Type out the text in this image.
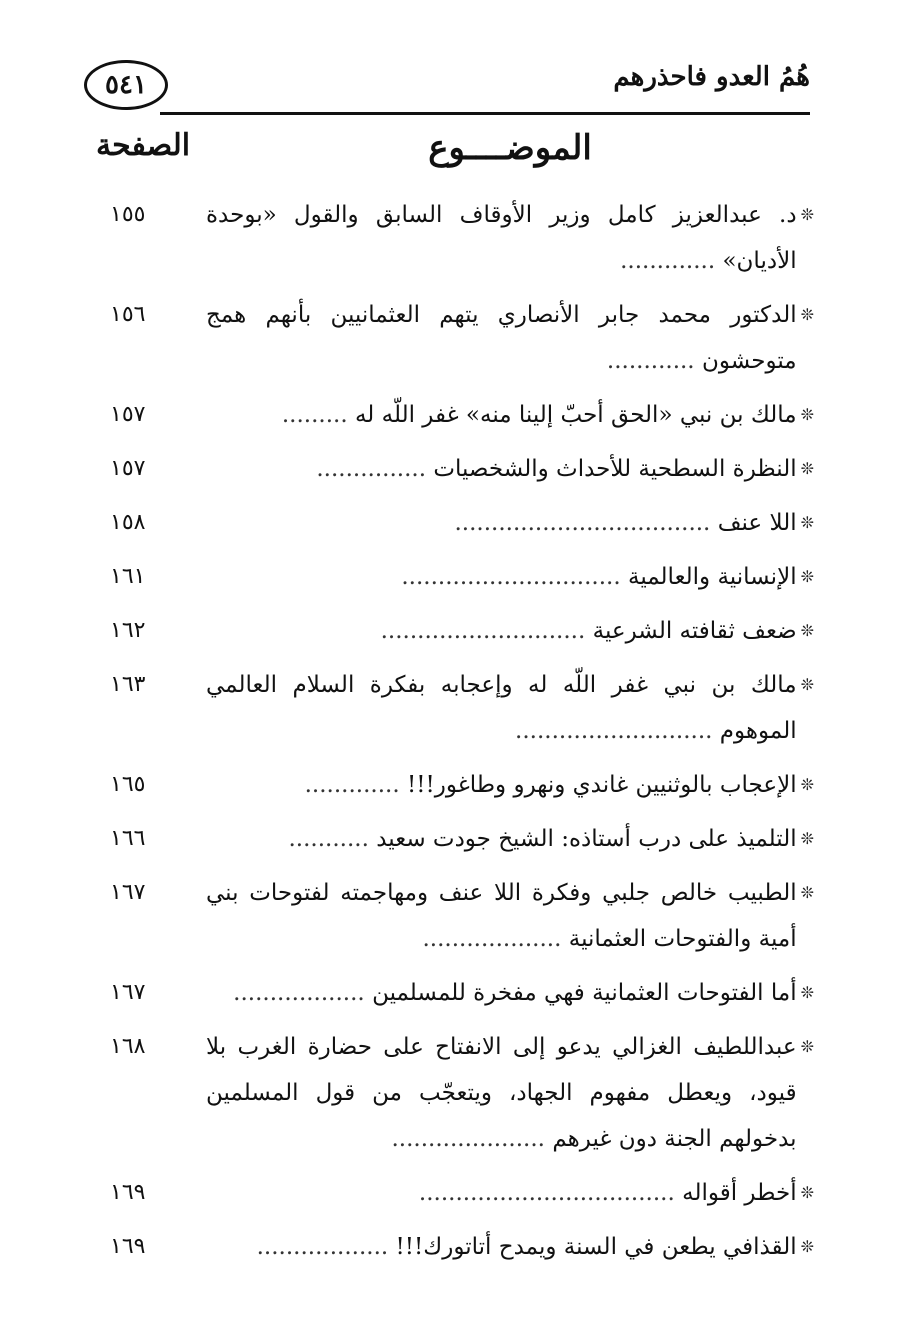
٥٤١	هُمُ العدو فاحذرهم
الموضــــوع
الصفحة
١٥٥	❊
د. عبدالعزيز كامل وزير الأوقاف السابق والقول «بوحدة الأديان» .............
١٥٦	❊
الدكتور محمد جابر الأنصاري يتهم العثمانيين بأنهم همج متوحشون ............
١٥٧	❊
مالك بن نبي «الحق أحبّ إلينا منه» غفر اللّه له .........
١٥٧	❊
النظرة السطحية للأحداث والشخصيات ...............
١٥٨	❊
اللا عنف ...................................
١٦١	❊
الإنسانية والعالمية ..............................
١٦٢	❊
ضعف ثقافته الشرعية ............................
١٦٣	❊
مالك بن نبي غفر اللّه له وإعجابه بفكرة السلام العالمي الموهوم ...........................
١٦٥	❊
الإعجاب بالوثنيين غاندي ونهرو وطاغور!!! .............
١٦٦	❊
التلميذ على درب أستاذه: الشيخ جودت سعيد ...........
١٦٧	❊
الطبيب خالص جلبي وفكرة اللا عنف ومهاجمته لفتوحات بني أمية والفتوحات العثمانية ...................
١٦٧	❊
أما الفتوحات العثمانية فهي مفخرة للمسلمين ..................
١٦٨	❊
عبداللطيف الغزالي يدعو إلى الانفتاح على حضارة الغرب بلا قيود، ويعطل مفهوم الجهاد، ويتعجّب من قول المسلمين بدخولهم الجنة دون غيرهم .....................
١٦٩	❊
أخطر أقواله ...................................
١٦٩	❊
القذافي يطعن في السنة ويمدح أتاتورك!!! ..................
